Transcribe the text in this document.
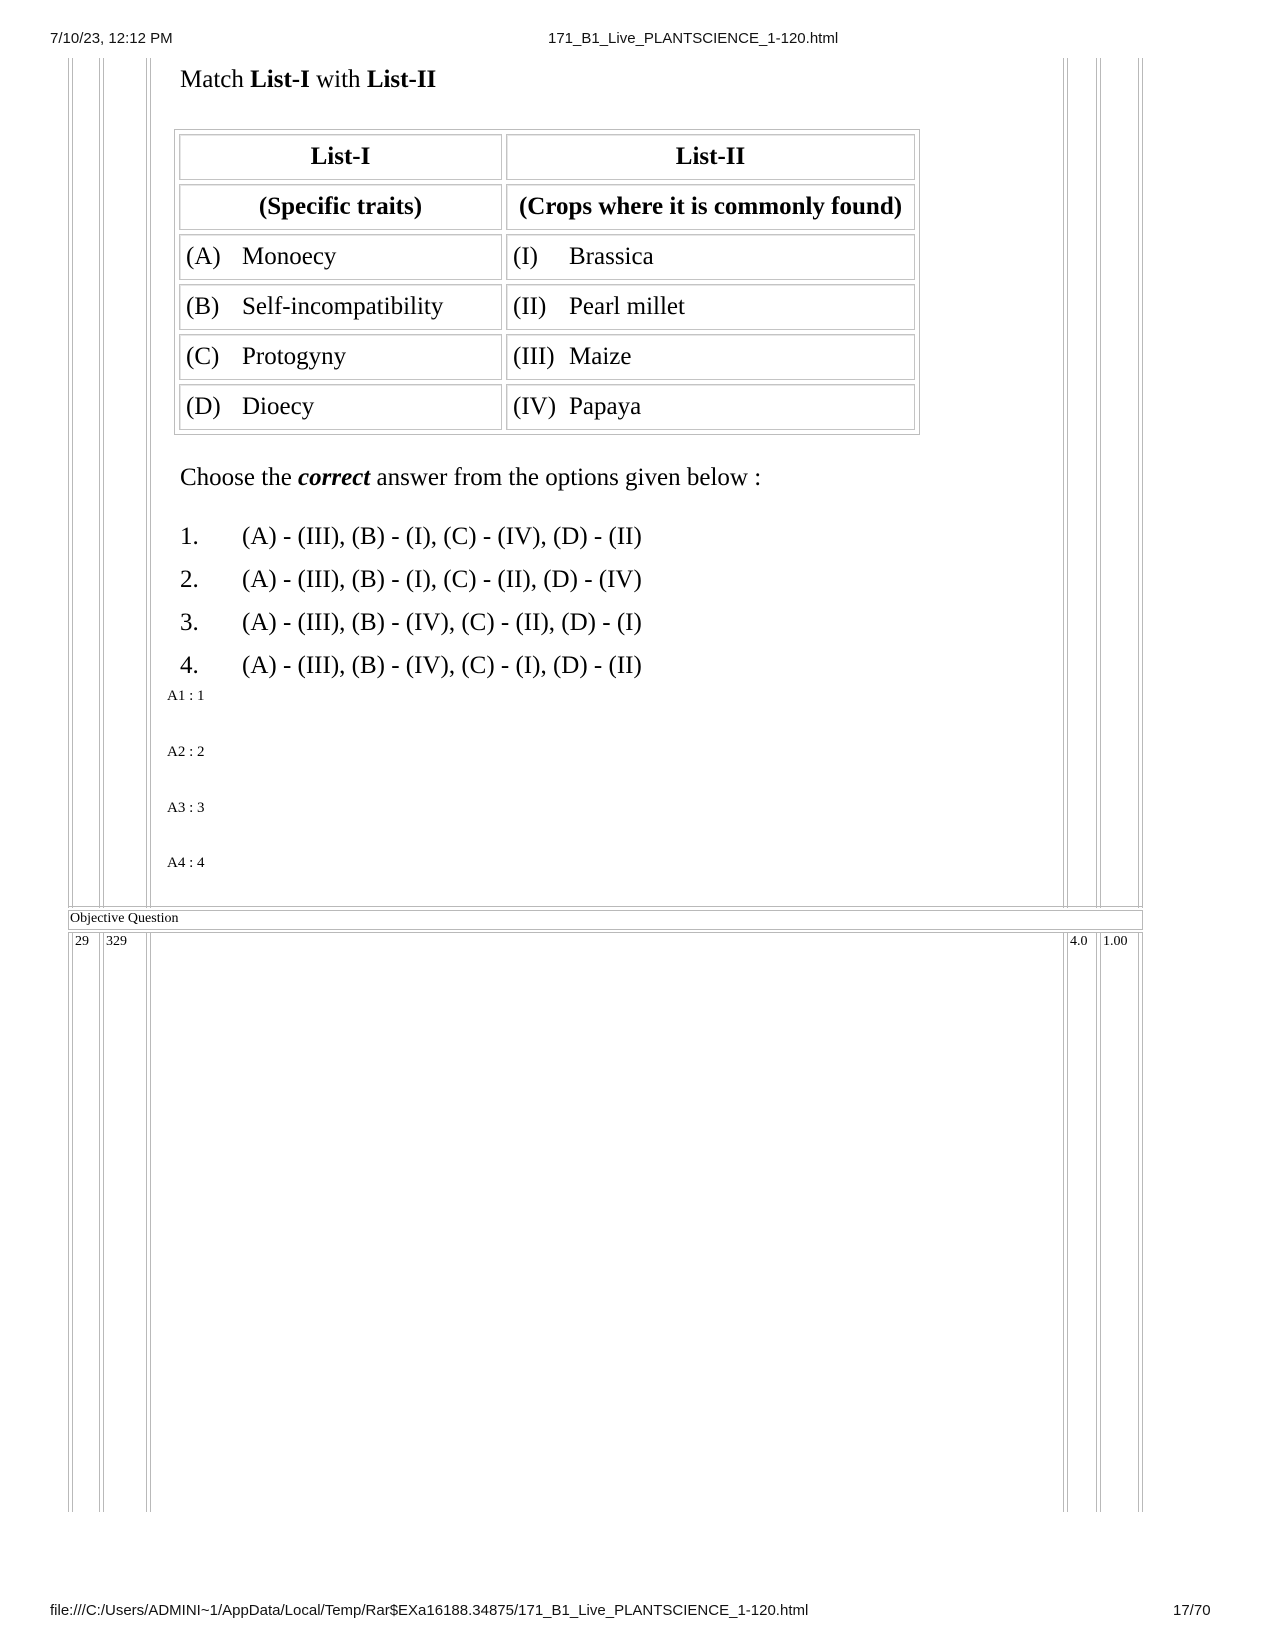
7/10/23, 12:12 PM	171_B1_Live_PLANTSCIENCE_1-120.html
Objective Question
29 329	4.0 1.00
Match List-I with List-II
List-I	List-II
(Specific traits)	(Crops where it is commonly found)
(A) Monoecy	(I) Brassica
(B) Self-incompatibility	(II) Pearl millet
(C) Protogyny	(III) Maize
(D) Dioecy	(IV) Papaya
Choose the correct answer from the options given below :
1. (A) - (III), (B) - (I), (C) - (IV), (D) - (II)
2. (A) - (III), (B) - (I), (C) - (II), (D) - (IV)
3. (A) - (III), (B) - (IV), (C) - (II), (D) - (I)
4. (A) - (III), (B) - (IV), (C) - (I), (D) - (II)
A1 : 1
A2 : 2
A3 : 3
A4 : 4
file:///C:/Users/ADMINI~1/AppData/Local/Temp/Rar$EXa16188.34875/171_B1_Live_PLANTSCIENCE_1-120.html	17/70
